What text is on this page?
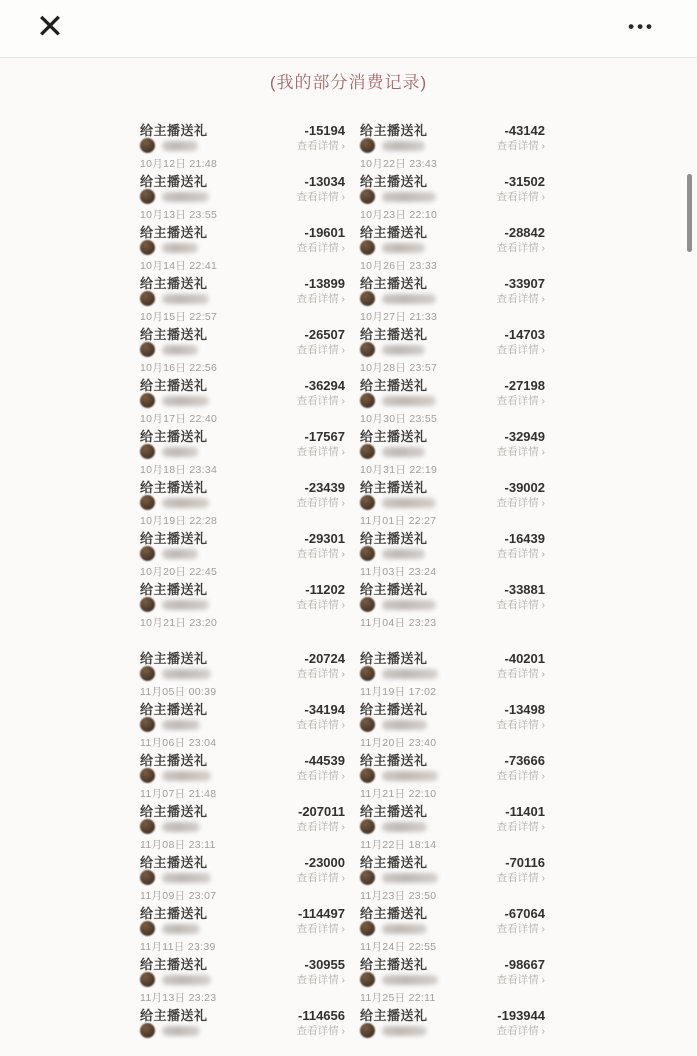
✕	•••
(我的部分消费记录)
给主播送礼	-15194
查看详情 ›
10月12日 21:48
给主播送礼	-13034
查看详情 ›
10月13日 23:55
给主播送礼	-19601
查看详情 ›
10月14日 22:41
给主播送礼	-13899
查看详情 ›
10月15日 22:57
给主播送礼	-26507
查看详情 ›
10月16日 22:56
给主播送礼	-36294
查看详情 ›
10月17日 22:40
给主播送礼	-17567
查看详情 ›
10月18日 23:34
给主播送礼	-23439
查看详情 ›
10月19日 22:28
给主播送礼	-29301
查看详情 ›
10月20日 22:45
给主播送礼	-11202
查看详情 ›
10月21日 23:20
给主播送礼	-43142
查看详情 ›
10月22日 23:43
给主播送礼	-31502
查看详情 ›
10月23日 22:10
给主播送礼	-28842
查看详情 ›
10月26日 23:33
给主播送礼	-33907
查看详情 ›
10月27日 21:33
给主播送礼	-14703
查看详情 ›
10月28日 23:57
给主播送礼	-27198
查看详情 ›
10月30日 23:55
给主播送礼	-32949
查看详情 ›
10月31日 22:19
给主播送礼	-39002
查看详情 ›
11月01日 22:27
给主播送礼	-16439
查看详情 ›
11月03日 23:24
给主播送礼	-33881
查看详情 ›
11月04日 23:23
给主播送礼	-20724
查看详情 ›
11月05日 00:39
给主播送礼	-34194
查看详情 ›
11月06日 23:04
给主播送礼	-44539
查看详情 ›
11月07日 21:48
给主播送礼	-207011
查看详情 ›
11月08日 23:11
给主播送礼	-23000
查看详情 ›
11月09日 23:07
给主播送礼	-114497
查看详情 ›
11月11日 23:39
给主播送礼	-30955
查看详情 ›
11月13日 23:23
给主播送礼	-114656
查看详情 ›
给主播送礼	-40201
查看详情 ›
11月19日 17:02
给主播送礼	-13498
查看详情 ›
11月20日 23:40
给主播送礼	-73666
查看详情 ›
11月21日 22:10
给主播送礼	-11401
查看详情 ›
11月22日 18:14
给主播送礼	-70116
查看详情 ›
11月23日 23:50
给主播送礼	-67064
查看详情 ›
11月24日 22:55
给主播送礼	-98667
查看详情 ›
11月25日 22:11
给主播送礼	-193944
查看详情 ›
